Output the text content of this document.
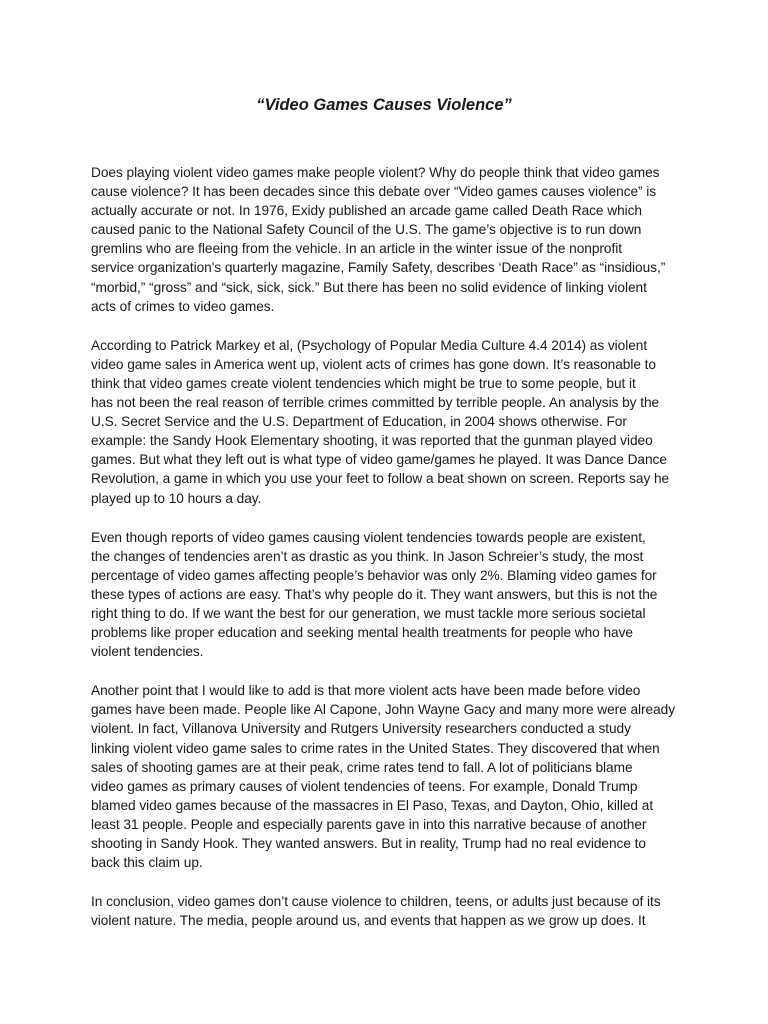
“Video Games Causes Violence”

Does playing violent video games make people violent? Why do people think that video games
cause violence? It has been decades since this debate over “Video games causes violence” is
actually accurate or not. In 1976, Exidy published an arcade game called Death Race which
caused panic to the National Safety Council of the U.S. The game’s objective is to run down
gremlins who are fleeing from the vehicle. In an article in the winter issue of the nonprofit
service organization's quarterly magazine, Family Safety, describes ‘Death Race” as “insidious,”
“morbid,” “gross” and “sick, sick, sick.” But there has been no solid evidence of linking violent
acts of crimes to video games.

According to Patrick Markey et al, (Psychology of Popular Media Culture 4.4 2014) as violent
video game sales in America went up, violent acts of crimes has gone down. It’s reasonable to
think that video games create violent tendencies which might be true to some people, but it
has not been the real reason of terrible crimes committed by terrible people. An analysis by the
U.S. Secret Service and the U.S. Department of Education, in 2004 shows otherwise. For
example: the Sandy Hook Elementary shooting, it was reported that the gunman played video
games. But what they left out is what type of video game/games he played. It was Dance Dance
Revolution, a game in which you use your feet to follow a beat shown on screen. Reports say he
played up to 10 hours a day.

Even though reports of video games causing violent tendencies towards people are existent,
the changes of tendencies aren’t as drastic as you think. In Jason Schreier’s study, the most
percentage of video games affecting people’s behavior was only 2%. Blaming video games for
these types of actions are easy. That’s why people do it. They want answers, but this is not the
right thing to do. If we want the best for our generation, we must tackle more serious societal
problems like proper education and seeking mental health treatments for people who have
violent tendencies.

Another point that I would like to add is that more violent acts have been made before video
games have been made. People like Al Capone, John Wayne Gacy and many more were already
violent. In fact, Villanova University and Rutgers University researchers conducted a study
linking violent video game sales to crime rates in the United States. They discovered that when
sales of shooting games are at their peak, crime rates tend to fall. A lot of politicians blame
video games as primary causes of violent tendencies of teens. For example, Donald Trump
blamed video games because of the massacres in El Paso, Texas, and Dayton, Ohio, killed at
least 31 people. People and especially parents gave in into this narrative because of another
shooting in Sandy Hook. They wanted answers. But in reality, Trump had no real evidence to
back this claim up.

In conclusion, video games don’t cause violence to children, teens, or adults just because of its
violent nature. The media, people around us, and events that happen as we grow up does. It
